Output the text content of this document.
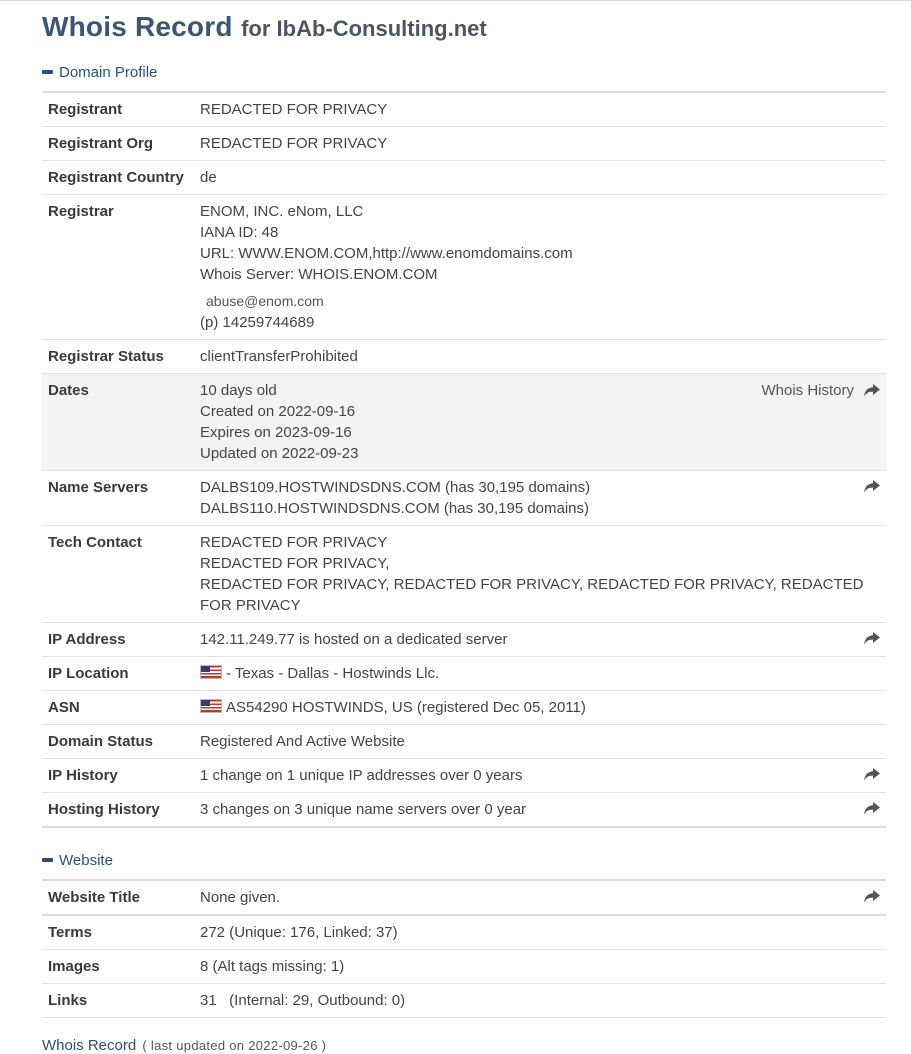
Whois Record for IbAb-Consulting.net
Domain Profile
Registrant	REDACTED FOR PRIVACY
Registrant Org	REDACTED FOR PRIVACY
Registrant Country	de
Registrar	ENOM, INC. eNom, LLC
IANA ID: 48
URL: WWW.ENOM.COM,http://www.enomdomains.com
Whois Server: WHOIS.ENOM.COM
abuse@enom.com
(p) 14259744689
Registrar Status	clientTransferProhibited
Dates	10 days old
Created on 2022-09-16
Expires on 2023-09-16
Updated on 2022-09-23
Whois History
Name Servers	DALBS109.HOSTWINDSDNS.COM (has 30,195 domains)
DALBS110.HOSTWINDSDNS.COM (has 30,195 domains)
Tech Contact	REDACTED FOR PRIVACY
REDACTED FOR PRIVACY,
REDACTED FOR PRIVACY, REDACTED FOR PRIVACY, REDACTED FOR PRIVACY, REDACTED FOR PRIVACY
IP Address	142.11.249.77 is hosted on a dedicated server
IP Location	- Texas - Dallas - Hostwinds Llc.
ASN	AS54290 HOSTWINDS, US (registered Dec 05, 2011)
Domain Status	Registered And Active Website
IP History	1 change on 1 unique IP addresses over 0 years
Hosting History	3 changes on 3 unique name servers over 0 year
Website
Website Title	None given.
Terms	272 (Unique: 176, Linked: 37)
Images	8 (Alt tags missing: 1)
Links	31   (Internal: 29, Outbound: 0)
Whois Record ( last updated on 2022-09-26 )
